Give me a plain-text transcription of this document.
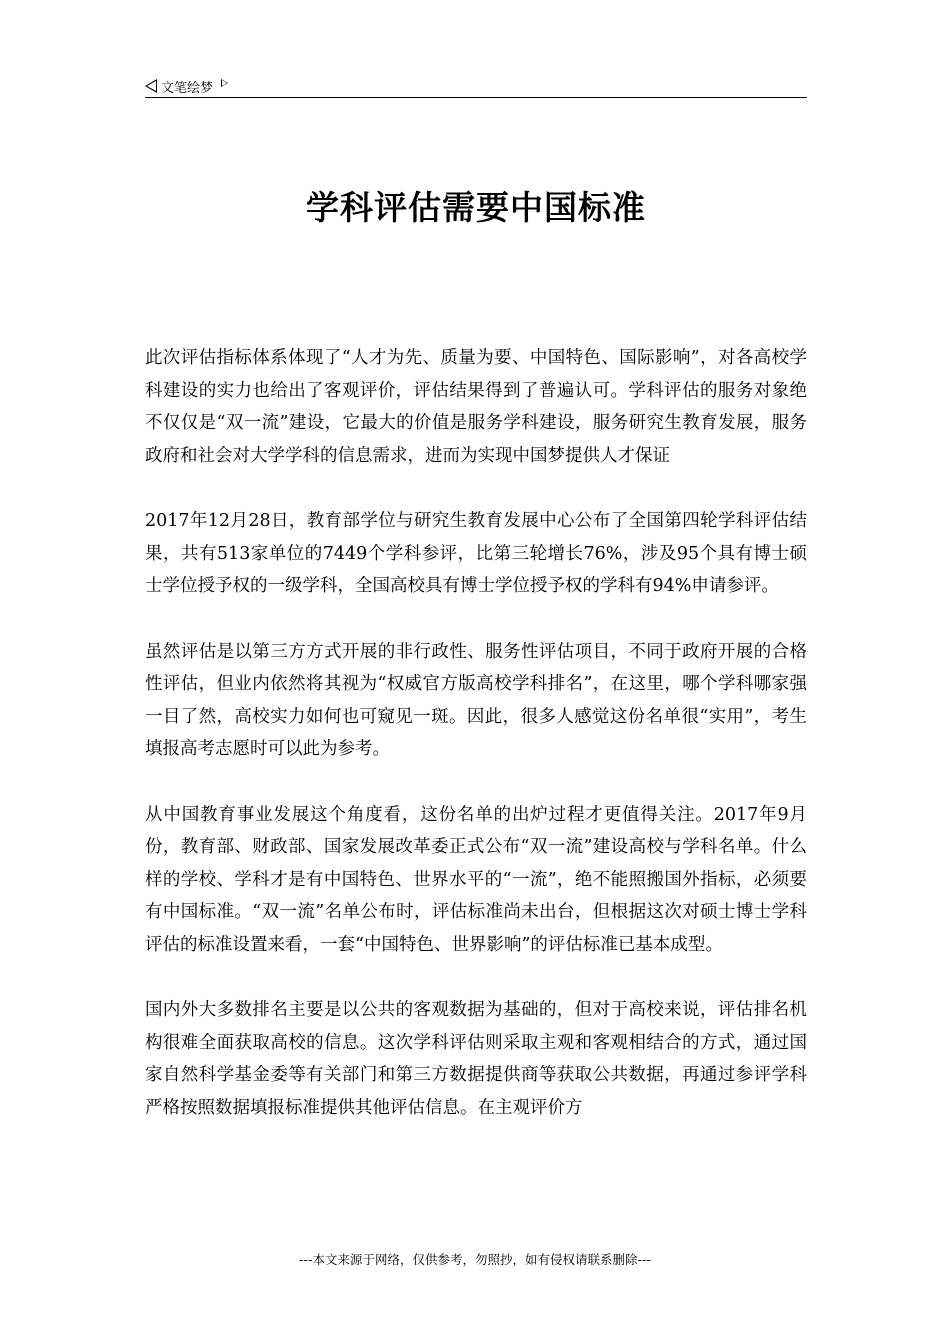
文笔绘梦
学科评估需要中国标准

此次评估指标体系体现了“人才为先、质量为要、中国特色、国际影响”，对各高校学科建设的实力也给出了客观评价，评估结果得到了普遍认可。学科评估的服务对象绝不仅仅是“双一流”建设，它最大的价值是服务学科建设，服务研究生教育发展，服务政府和社会对大学学科的信息需求，进而为实现中国梦提供人才保证

2017年12月28日，教育部学位与研究生教育发展中心公布了全国第四轮学科评估结果，共有513家单位的7449个学科参评，比第三轮增长76%，涉及95个具有博士硕士学位授予权的一级学科，全国高校具有博士学位授予权的学科有94%申请参评。

虽然评估是以第三方方式开展的非行政性、服务性评估项目，不同于政府开展的合格性评估，但业内依然将其视为“权威官方版高校学科排名”，在这里，哪个学科哪家强一目了然，高校实力如何也可窥见一斑。因此，很多人感觉这份名单很“实用”，考生填报高考志愿时可以此为参考。

从中国教育事业发展这个角度看，这份名单的出炉过程才更值得关注。2017年9月份，教育部、财政部、国家发展改革委正式公布“双一流”建设高校与学科名单。什么样的学校、学科才是有中国特色、世界水平的“一流”，绝不能照搬国外指标，必须要有中国标准。“双一流”名单公布时，评估标准尚未出台，但根据这次对硕士博士学科评估的标准设置来看，一套“中国特色、世界影响”的评估标准已基本成型。

国内外大多数排名主要是以公共的客观数据为基础的，但对于高校来说，评估排名机构很难全面获取高校的信息。这次学科评估则采取主观和客观相结合的方式，通过国家自然科学基金委等有关部门和第三方数据提供商等获取公共数据，再通过参评学科严格按照数据填报标准提供其他评估信息。在主观评价方

---本文来源于网络，仅供参考，勿照抄，如有侵权请联系删除---
